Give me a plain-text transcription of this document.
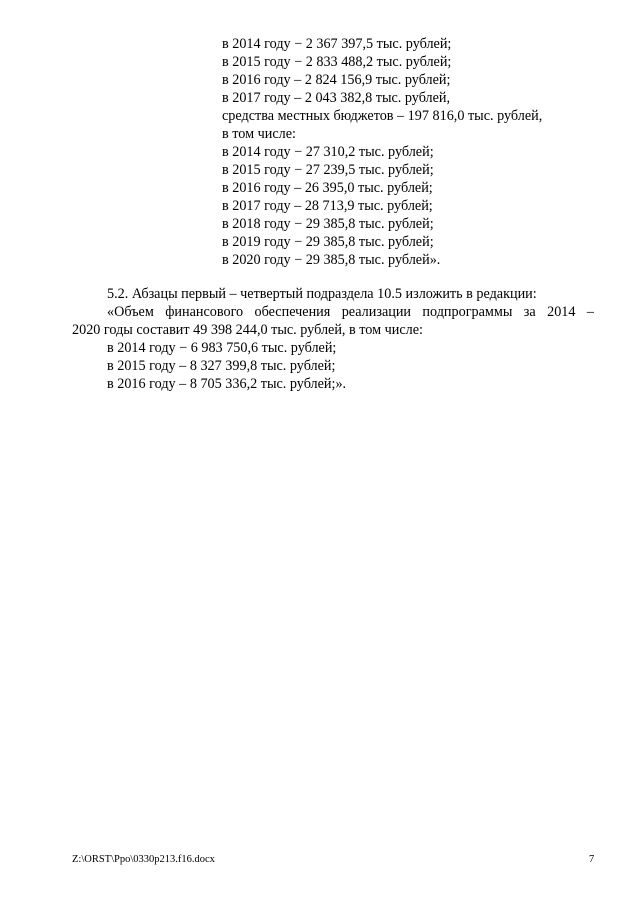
в 2014 году − 2 367 397,5 тыс. рублей;
в 2015 году − 2 833 488,2 тыс. рублей;
в 2016 году – 2 824 156,9 тыс. рублей;
в 2017 году – 2 043 382,8 тыс. рублей,
средства местных бюджетов – 197 816,0 тыс. рублей,
в том числе:
в 2014 году − 27 310,2 тыс. рублей;
в 2015 году − 27 239,5 тыс. рублей;
в 2016 году – 26 395,0 тыс. рублей;
в 2017 году – 28 713,9 тыс. рублей;
в 2018 году − 29 385,8 тыс. рублей;
в 2019 году − 29 385,8 тыс. рублей;
в 2020 году − 29 385,8 тыс. рублей».
5.2. Абзацы первый – четвертый подраздела 10.5 изложить в редакции:
«Объем финансового обеспечения реализации подпрограммы за 2014 –
2020 годы составит 49 398 244,0 тыс. рублей, в том числе:
в 2014 году − 6 983 750,6 тыс. рублей;
в 2015 году – 8 327 399,8 тыс. рублей;
в 2016 году – 8 705 336,2 тыс. рублей;».
Z:\ORST\Ppo\0330p213.f16.docx	7
